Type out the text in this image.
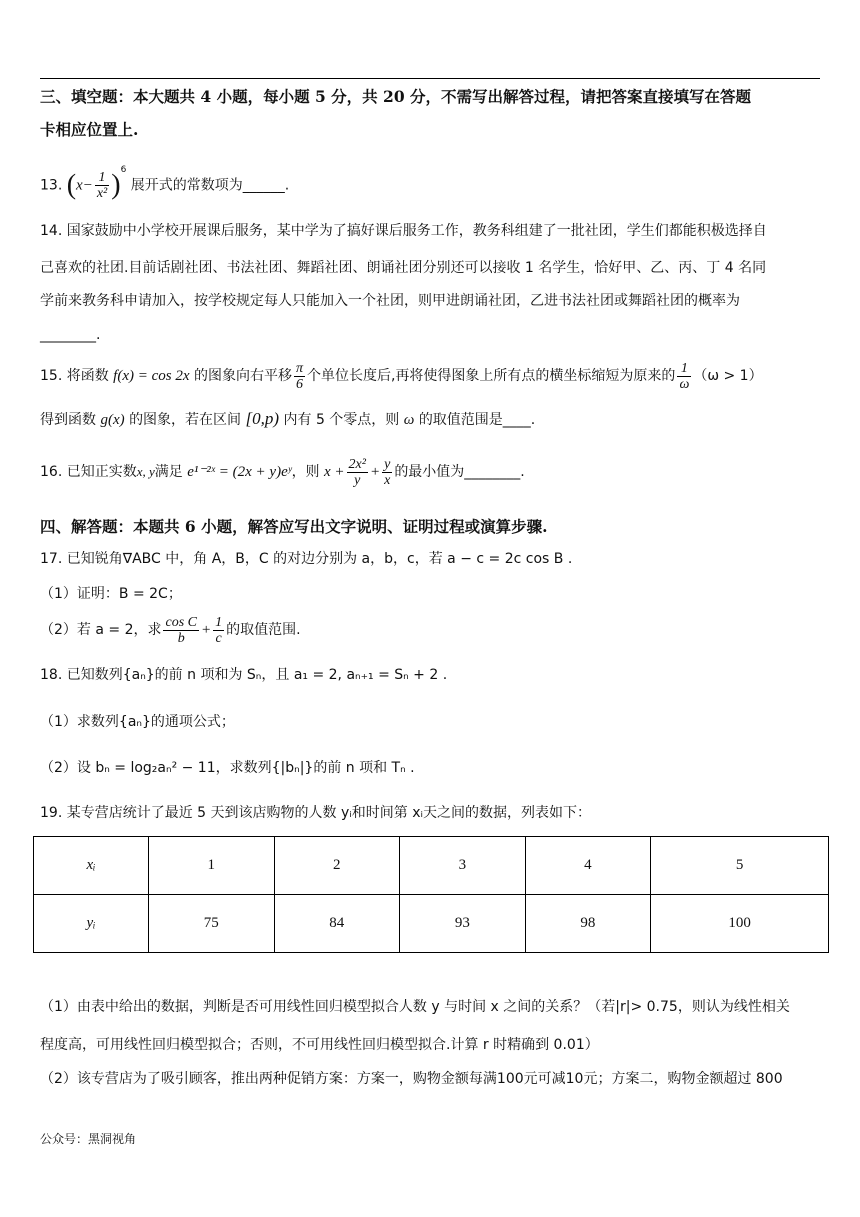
三、填空题：本大题共 4 小题，每小题 5 分，共 20 分，不需写出解答过程，请把答案直接填写在答题
卡相应位置上.
13. $(x- \frac{1}{\text{x²}} )^6$ 展开式的常数项为______.
14. 国家鼓励中小学校开展课后服务，某中学为了搞好课后服务工作，教务科组建了一批社团，学生们都能积极选择自
己喜欢的社团.目前话剧社团、书法社团、舞蹈社团、朗诵社团分别还可以接收 1 名学生，恰好甲、乙、丙、丁 4 名同
学前来教务科申请加入，按学校规定每人只能加入一个社团，则甲进朗诵社团，乙进书法社团或舞蹈社团的概率为
________.
15. 将函数 f(x) = cos 2x 的图象向右平移 $\frac{\pi}{6}$ 个单位长度后,再将使得图象上所有点的横坐标缩短为原来的 $\frac{1}{\omega} (\omega > 1)$
得到函数 g(x) 的图象，若在区间 [0,p) 内有 5 个零点，则 ω 的取值范围是____.
16. 已知正实数x, y满足 e¹⁻²ˣ = (2x + y)eʸ，则 $x + \frac{\text{2x²}}{y} + \frac{y}{x}$ 的最小值为________.
四、解答题：本题共 6 小题，解答应写出文字说明、证明过程或演算步骤.
17. 已知锐角∇ABC 中，角 A，B，C 的对边分别为 a，b，c，若 a − c = 2c cos B .
（1）证明：B = 2C；
（2）若 a = 2，求 $\frac{\text{cos C}}{b} + \frac{1}{c}$ 的取值范围.
18. 已知数列{aₙ}的前 n 项和为 Sₙ，且 a₁ = 2, aₙ₊₁ = Sₙ + 2 .
（1）求数列{aₙ}的通项公式；
（2）设 bₙ = log₂aₙ² − 11，求数列{|bₙ|}的前 n 项和 Tₙ .
19. 某专营店统计了最近 5 天到该店购物的人数 yᵢ和时间第 xᵢ天之间的数据，列表如下：
xᵢ	1	2	3	4	5
yᵢ	75	84	93	98	100
（1）由表中给出的数据，判断是否可用线性回归模型拟合人数 y 与时间 x 之间的关系？（若|r|> 0.75，则认为线性相关
程度高，可用线性回归模型拟合；否则，不可用线性回归模型拟合.计算 r 时精确到 0.01）
（2）该专营店为了吸引顾客，推出两种促销方案：方案一，购物金额每满100元可减10元；方案二，购物金额超过 800
公众号：黑洞视角
